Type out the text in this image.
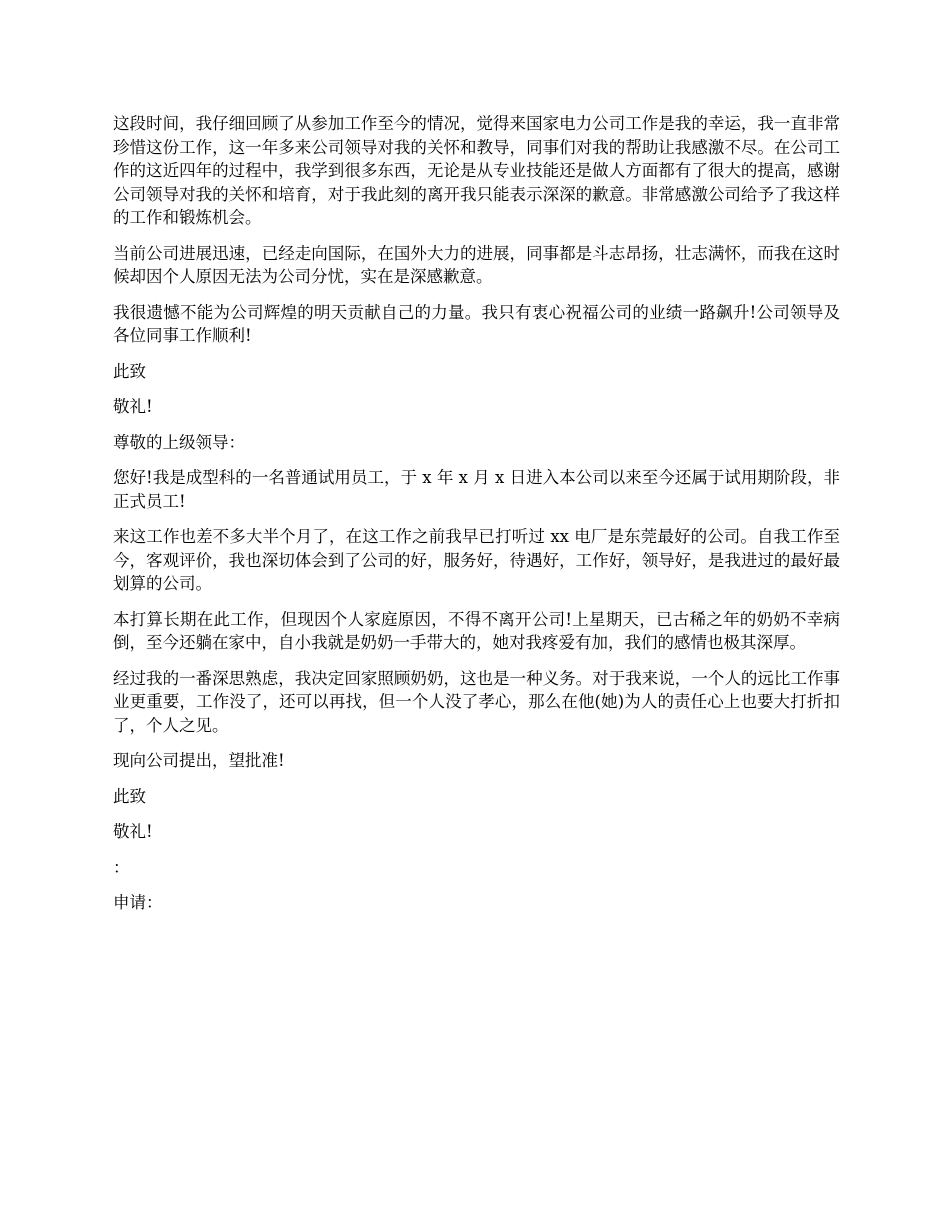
这段时间，我仔细回顾了从参加工作至今的情况，觉得来国家电力公司工作是我的幸运，我一直非常珍惜这份工作，这一年多来公司领导对我的关怀和教导，同事们对我的帮助让我感激不尽。在公司工作的这近四年的过程中，我学到很多东西，无论是从专业技能还是做人方面都有了很大的提高，感谢公司领导对我的关怀和培育，对于我此刻的离开我只能表示深深的歉意。非常感激公司给予了我这样的工作和锻炼机会。

当前公司进展迅速，已经走向国际，在国外大力的进展，同事都是斗志昂扬，壮志满怀，而我在这时候却因个人原因无法为公司分忧，实在是深感歉意。

我很遗憾不能为公司辉煌的明天贡献自己的力量。我只有衷心祝福公司的业绩一路飙升!公司领导及各位同事工作顺利!

此致

敬礼!

尊敬的上级领导：

您好!我是成型科的一名普通试用员工，于 x 年 x 月 x 日进入本公司以来至今还属于试用期阶段，非正式员工!

来这工作也差不多大半个月了，在这工作之前我早已打听过 xx 电厂是东莞最好的公司。自我工作至今，客观评价，我也深切体会到了公司的好，服务好，待遇好，工作好，领导好，是我进过的最好最划算的公司。

本打算长期在此工作，但现因个人家庭原因，不得不离开公司!上星期天，已古稀之年的奶奶不幸病倒，至今还躺在家中，自小我就是奶奶一手带大的，她对我疼爱有加，我们的感情也极其深厚。

经过我的一番深思熟虑，我决定回家照顾奶奶，这也是一种义务。对于我来说，一个人的远比工作事业更重要，工作没了，还可以再找，但一个人没了孝心，那么在他(她)为人的责任心上也要大打折扣了，个人之见。

现向公司提出，望批准!

此致

敬礼!

：

申请：
